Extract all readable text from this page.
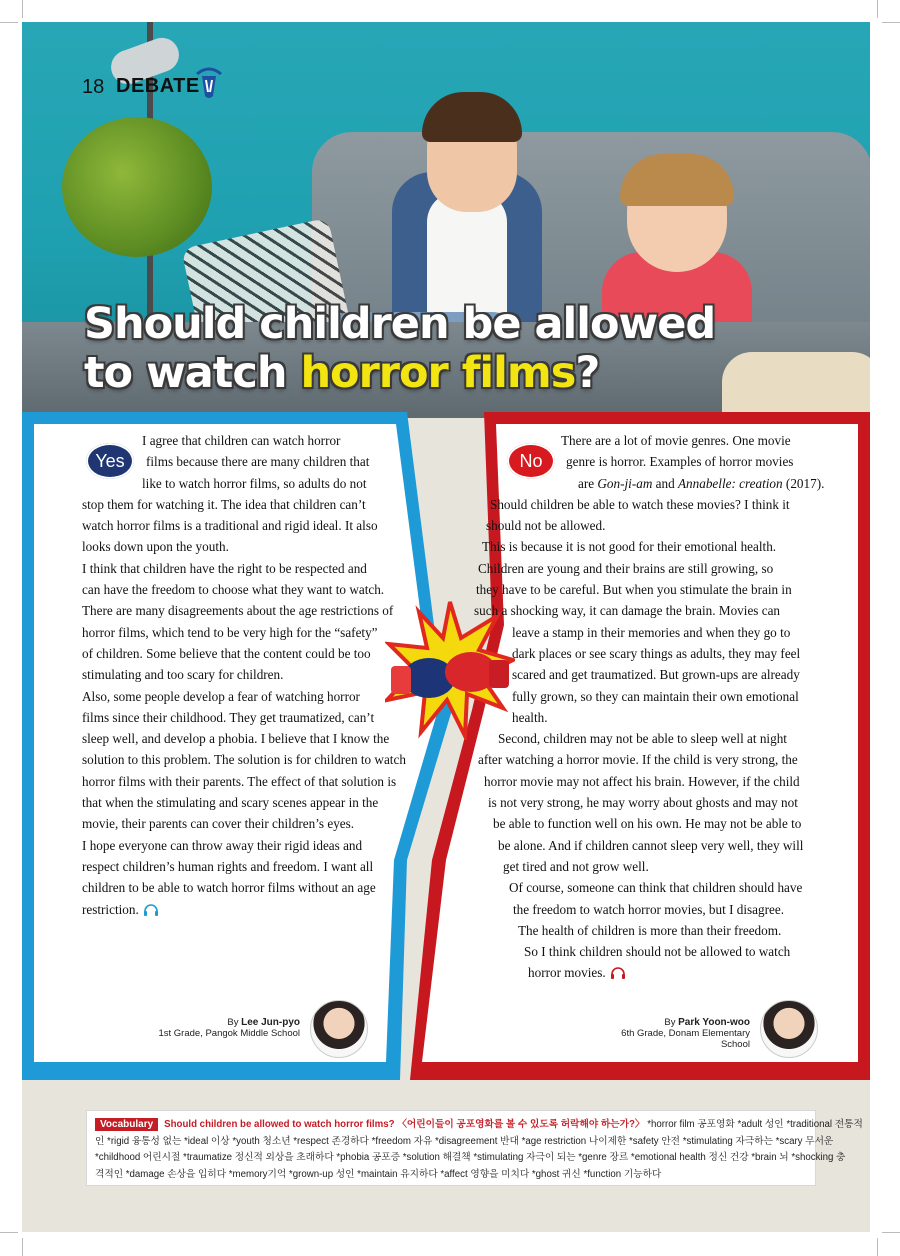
18 DEBATE
Should children be allowed
to watch horror films?
Yes
I agree that children can watch horror
films because there are many children that
like to watch horror films, so adults do not
stop them for watching it. The idea that children can’t
watch horror films is a traditional and rigid ideal. It also
looks down upon the youth.
I think that children have the right to be respected and
can have the freedom to choose what they want to watch.
There are many disagreements about the age restrictions of
horror films, which tend to be very high for the “safety”
of children. Some believe that the content could be too
stimulating and too scary for children.
Also, some people develop a fear of watching horror
films since their childhood. They get traumatized, can’t
sleep well, and develop a phobia. I believe that I know the
solution to this problem. The solution is for children to watch
horror films with their parents. The effect of that solution is
that when the stimulating and scary scenes appear in the
movie, their parents can cover their children’s eyes.
I hope everyone can throw away their rigid ideas and
respect children’s human rights and freedom. I want all
children to be able to watch horror films without an age
restriction.
No
There are a lot of movie genres. One movie
genre is horror. Examples of horror movies
are Gon-ji-am and Annabelle: creation (2017).
Should children be able to watch these movies? I think it
should not be allowed.
This is because it is not good for their emotional health.
Children are young and their brains are still growing, so
they have to be careful. But when you stimulate the brain in
such a shocking way, it can damage the brain. Movies can
leave a stamp in their memories and when they go to
dark places or see scary things as adults, they may feel
scared and get traumatized. But grown-ups are already
fully grown, so they can maintain their own emotional
health.
Second, children may not be able to sleep well at night
after watching a horror movie. If the child is very strong, the
horror movie may not affect his brain. However, if the child
is not very strong, he may worry about ghosts and may not
be able to function well on his own. He may not be able to
be alone. And if children cannot sleep very well, they will
get tired and not grow well.
Of course, someone can think that children should have
the freedom to watch horror movies, but I disagree.
The health of children is more than their freedom.
So I think children should not be allowed to watch
horror movies.
By Lee Jun-pyo
1st Grade, Pangok Middle School
By Park Yoon-woo
6th Grade, Donam Elementary School
Vocabulary Should children be allowed to watch horror films? 〈어린이들이 공포영화를 볼 수 있도록 허락해야 하는가?〉 *horror film 공포영화 *adult 성인 *traditional 전통적
인 *rigid 융통성 없는 *ideal 이상 *youth 청소년 *respect 존경하다 *freedom 자유 *disagreement 반대 *age restriction 나이제한 *safety 안전 *stimulating 자극하는 *scary 무서운
*childhood 어린시절 *traumatize 정신적 외상을 초래하다 *phobia 공포증 *solution 해결책 *stimulating 자극이 되는 *genre 장르 *emotional health 정신 건강 *brain 뇌 *shocking 충
격적인 *damage 손상을 입히다 *memory기억 *grown-up 성인 *maintain 유지하다 *affect 영향을 미치다 *ghost 귀신 *function 기능하다
